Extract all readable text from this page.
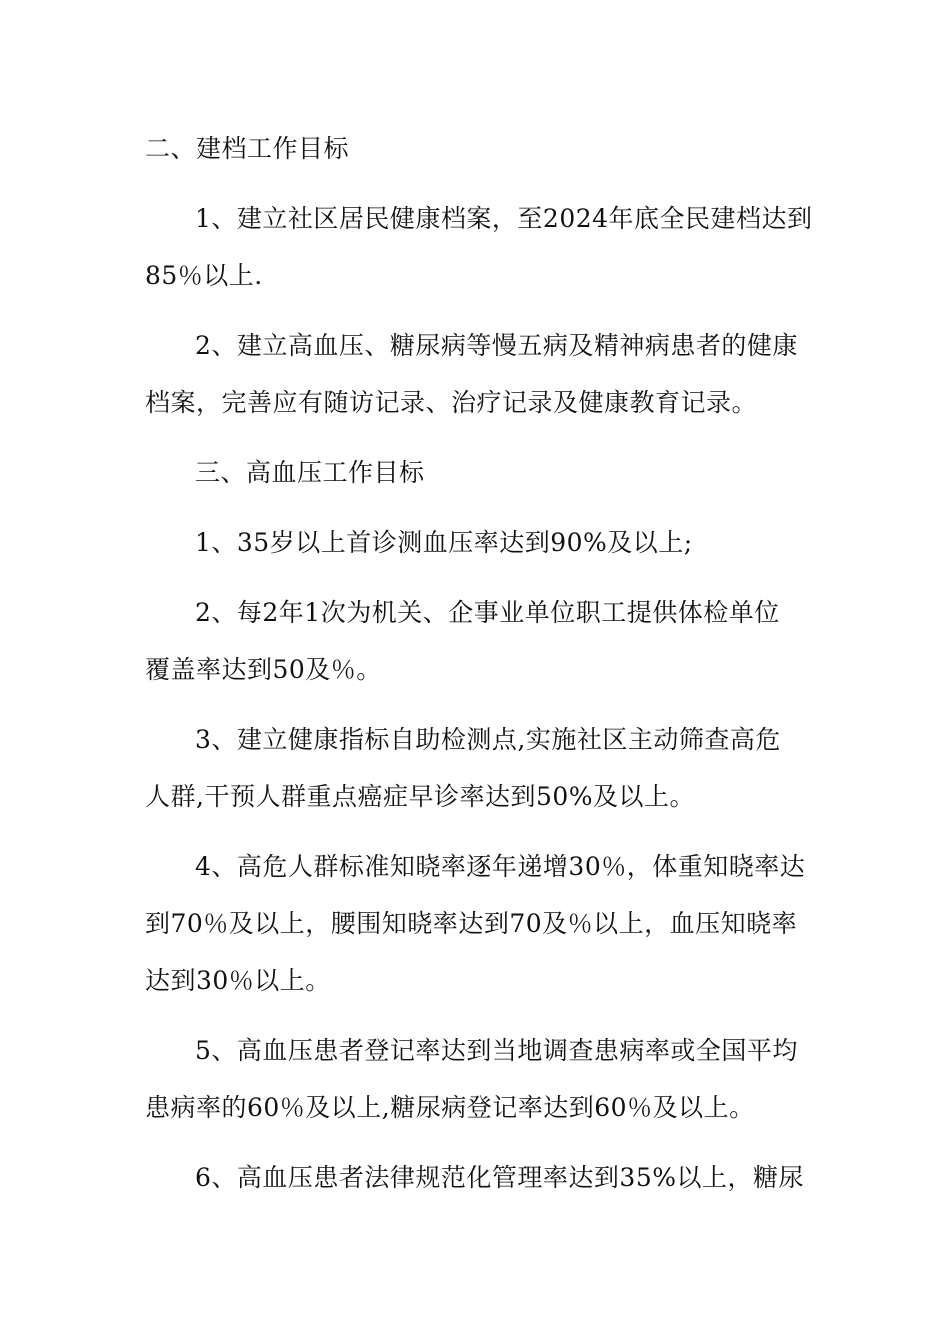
二、建档工作目标
1、建立社区居民健康档案，至2024年底全民建档达到
85％以上.
2、建立高血压、糖尿病等慢五病及精神病患者的健康
档案，完善应有随访记录、治疗记录及健康教育记录。
三、高血压工作目标
1、35岁以上首诊测血压率达到90%及以上;
2、每2年1次为机关、企事业单位职工提供体检单位
覆盖率达到50及％。
3、建立健康指标自助检测点,实施社区主动筛查高危
人群,干预人群重点癌症早诊率达到50%及以上。
4、高危人群标准知晓率逐年递增30％，体重知晓率达
到70％及以上，腰围知晓率达到70及％以上，血压知晓率
达到30％以上。
5、高血压患者登记率达到当地调查患病率或全国平均
患病率的60％及以上,糖尿病登记率达到60％及以上。
6、高血压患者法律规范化管理率达到35%以上，糖尿
